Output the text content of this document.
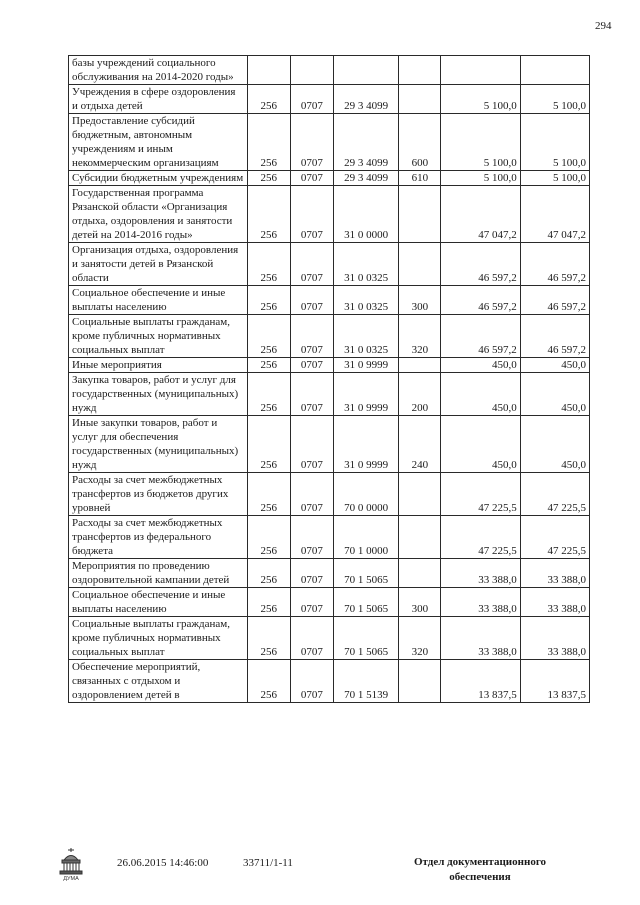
294
базы учреждений социального обслуживания на 2014-2020 годы»						
Учреждения в сфере оздоровления и отдыха детей	256	0707	29 3 4099		5 100,0	5 100,0
Предоставление субсидий бюджетным, автономным учреждениям и иным некоммерческим организациям	256	0707	29 3 4099	600	5 100,0	5 100,0
Субсидии бюджетным учреждениям	256	0707	29 3 4099	610	5 100,0	5 100,0
Государственная программа Рязанской области «Организация отдыха, оздоровления и занятости детей на 2014-2016 годы»	256	0707	31 0 0000		47 047,2	47 047,2
Организация отдыха, оздоровления и занятости детей в Рязанской области	256	0707	31 0 0325		46 597,2	46 597,2
Социальное обеспечение и иные выплаты населению	256	0707	31 0 0325	300	46 597,2	46 597,2
Социальные выплаты гражданам, кроме публичных нормативных социальных выплат	256	0707	31 0 0325	320	46 597,2	46 597,2
Иные мероприятия	256	0707	31 0 9999		450,0	450,0
Закупка товаров, работ и услуг для государственных (муниципальных) нужд	256	0707	31 0 9999	200	450,0	450,0
Иные закупки товаров, работ и услуг для обеспечения государственных (муниципальных) нужд	256	0707	31 0 9999	240	450,0	450,0
Расходы за счет межбюджетных трансфертов из бюджетов других уровней	256	0707	70 0 0000		47 225,5	47 225,5
Расходы за счет межбюджетных трансфертов из федерального бюджета	256	0707	70 1 0000		47 225,5	47 225,5
Мероприятия по проведению оздоровительной кампании детей	256	0707	70 1 5065		33 388,0	33 388,0
Социальное обеспечение и иные выплаты населению	256	0707	70 1 5065	300	33 388,0	33 388,0
Социальные выплаты гражданам, кроме публичных нормативных социальных выплат	256	0707	70 1 5065	320	33 388,0	33 388,0
Обеспечение мероприятий, связанных с отдыхом и оздоровлением детей в	256	0707	70 1 5139		13 837,5	13 837,5
ДУМА
26.06.2015 14:46:00	33711/1-11	Отдел документационного
обеспечения
